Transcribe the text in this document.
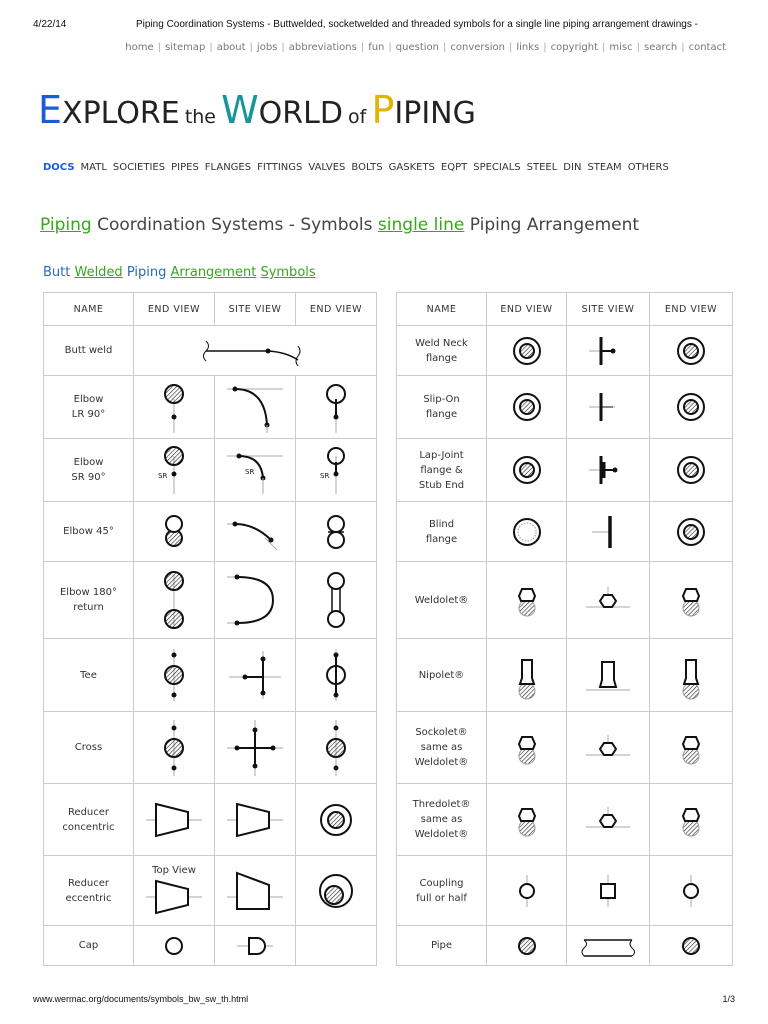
4/22/14	Piping Coordination Systems - Buttwelded, socketwelded and threaded symbols for a single line piping arrangement drawings -
home | sitemap | about | jobs | abbreviations | fun | question | conversion | links | copyright | misc | search | contact
EXPLORE the WORLD of PIPING
DOCS MATL SOCIETIES PIPES FLANGES FITTINGS VALVES BOLTS GASKETS EQPT SPECIALS STEEL DIN STEAM OTHERS
Piping Coordination Systems - Symbols single line Piping Arrangement
Butt Welded Piping Arrangement Symbols
NAME	END VIEW	SITE VIEW	END VIEW
Butt weld	

Elbow
LR 90°	

Elbow
SR 90°	SR	SR	SR

Elbow 45°	

Elbow 180°
return	

Tee	

Cross	

Reducer
concentric	

Reducer
eccentric	Top View

Cap	

NAME	END VIEW	SITE VIEW	END VIEW
Weld Neck
flange	

Slip-On
flange	

Lap-Joint
flange &
Stub End	

Blind
flange	

Weldolet®	

Nipolet®	

Sockolet®
same as
Weldolet®	

Thredolet®
same as
Weldolet®	

Coupling
full or half	

Pipe	

www.wermac.org/documents/symbols_bw_sw_th.html	1/3
